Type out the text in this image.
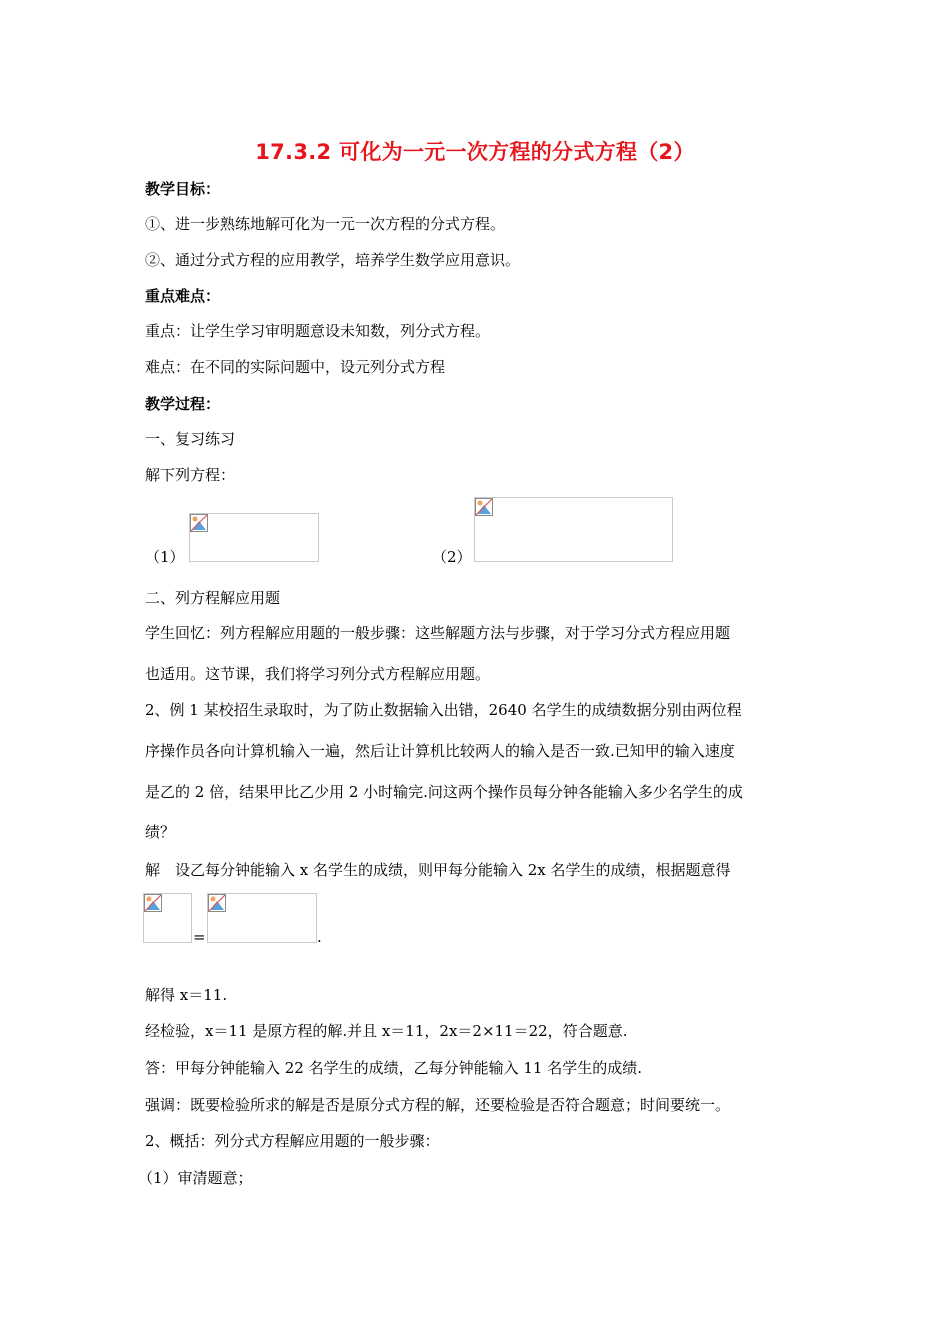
17.3.2 可化为一元一次方程的分式方程（2）
教学目标：
①、进一步熟练地解可化为一元一次方程的分式方程。
②、通过分式方程的应用教学，培养学生数学应用意识。
重点难点：
重点：让学生学习审明题意设未知数，列分式方程。
难点：在不同的实际问题中，设元列分式方程
教学过程：
一、复习练习
解下列方程：
（1）	（2）
二、列方程解应用题
学生回忆：列方程解应用题的一般步骤：这些解题方法与步骤，对于学习分式方程应用题
也适用。这节课，我们将学习列分式方程解应用题。
2、例 1 某校招生录取时，为了防止数据输入出错，2640 名学生的成绩数据分别由两位程
序操作员各向计算机输入一遍，然后让计算机比较两人的输入是否一致.已知甲的输入速度
是乙的 2 倍，结果甲比乙少用 2 小时输完.问这两个操作员每分钟各能输入多少名学生的成
绩？
解　设乙每分钟能输入 x 名学生的成绩，则甲每分能输入 2x 名学生的成绩，根据题意得
=	.
解得 x＝11.
经检验，x＝11 是原方程的解.并且 x＝11，2x＝2×11＝22，符合题意.
答：甲每分钟能输入 22 名学生的成绩，乙每分钟能输入 11 名学生的成绩.
强调：既要检验所求的解是否是原分式方程的解，还要检验是否符合题意；时间要统一。
2、概括：列分式方程解应用题的一般步骤：
（1）审清题意；
